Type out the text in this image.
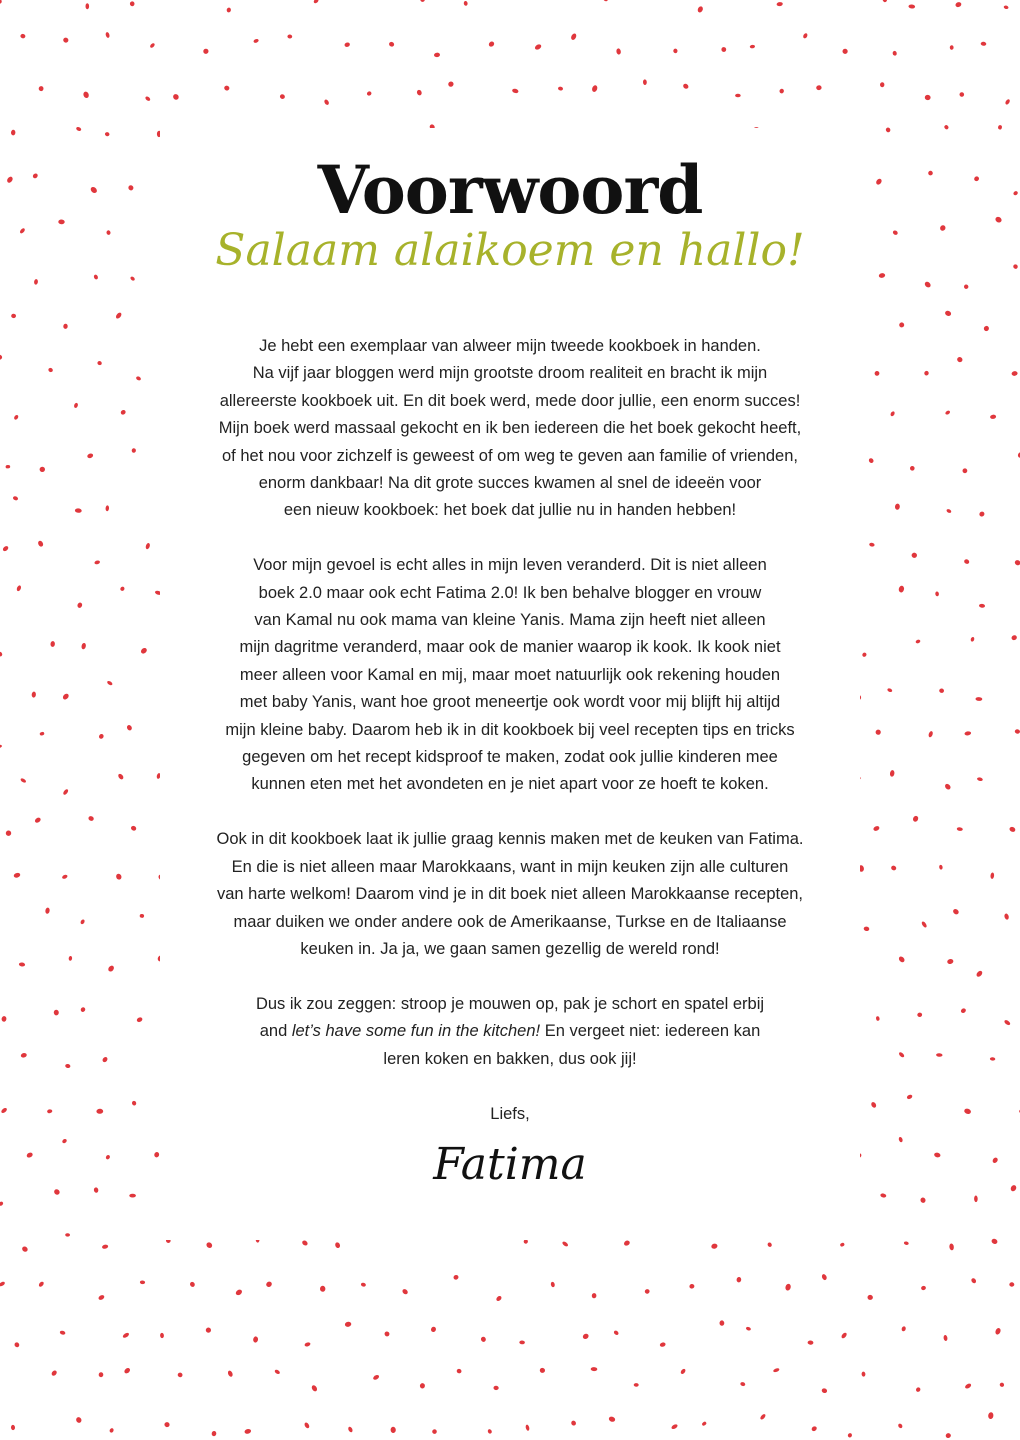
Voorwoord
Salaam alaikoem en hallo!

Je hebt een exemplaar van alweer mijn tweede kookboek in handen.
Na vijf jaar bloggen werd mijn grootste droom realiteit en bracht ik mijn
allereerste kookboek uit. En dit boek werd, mede door jullie, een enorm succes!
Mijn boek werd massaal gekocht en ik ben iedereen die het boek gekocht heeft,
of het nou voor zichzelf is geweest of om weg te geven aan familie of vrienden,
enorm dankbaar! Na dit grote succes kwamen al snel de ideeën voor
een nieuw kookboek: het boek dat jullie nu in handen hebben!

Voor mijn gevoel is echt alles in mijn leven veranderd. Dit is niet alleen
boek 2.0 maar ook echt Fatima 2.0! Ik ben behalve blogger en vrouw
van Kamal nu ook mama van kleine Yanis. Mama zijn heeft niet alleen
mijn dagritme veranderd, maar ook de manier waarop ik kook. Ik kook niet
meer alleen voor Kamal en mij, maar moet natuurlijk ook rekening houden
met baby Yanis, want hoe groot meneertje ook wordt voor mij blijft hij altijd
mijn kleine baby. Daarom heb ik in dit kookboek bij veel recepten tips en tricks
gegeven om het recept kidsproof te maken, zodat ook jullie kinderen mee
kunnen eten met het avondeten en je niet apart voor ze hoeft te koken.

Ook in dit kookboek laat ik jullie graag kennis maken met de keuken van Fatima.
En die is niet alleen maar Marokkaans, want in mijn keuken zijn alle culturen
van harte welkom! Daarom vind je in dit boek niet alleen Marokkaanse recepten,
maar duiken we onder andere ook de Amerikaanse, Turkse en de Italiaanse
keuken in. Ja ja, we gaan samen gezellig de wereld rond!

Dus ik zou zeggen: stroop je mouwen op, pak je schort en spatel erbij
and let’s have some fun in the kitchen! En vergeet niet: iedereen kan
leren koken en bakken, dus ook jij!

Liefs,
Fatima
